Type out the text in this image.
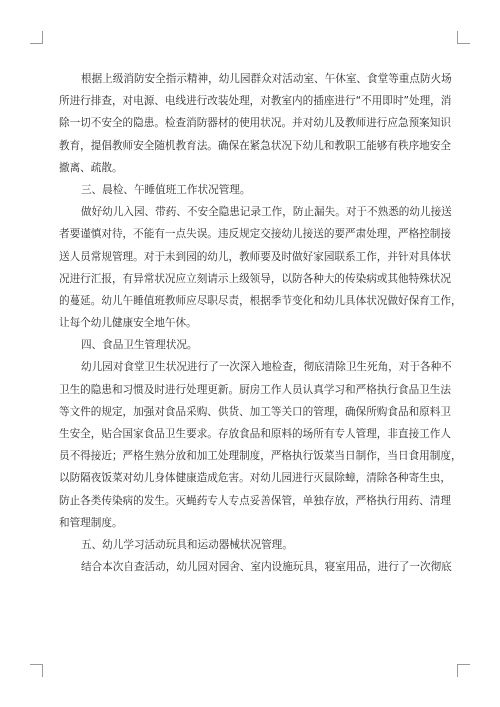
根据上级消防安全指示精神，幼儿园群众对活动室、午休室、食堂等重点防火场
所进行排查，对电源、电线进行改装处理，对教室内的插座进行“不用即时”处理，消
除一切不安全的隐患。检查消防器材的使用状况。并对幼儿及教师进行应急预案知识
教育，提倡教师安全随机教育法。确保在紧急状况下幼儿和教职工能够有秩序地安全
撤离、疏散。
三、晨检、午睡值班工作状况管理。
做好幼儿入园、带药、不安全隐患记录工作，防止漏失。对于不熟悉的幼儿接送
者要谨慎对待，不能有一点失误。违反规定交接幼儿接送的要严肃处理，严格控制接
送人员常规管理。对于未到园的幼儿，教师要及时做好家园联系工作，并针对具体状
况进行汇报，有异常状况应立刻请示上级领导，以防各种大的传染病或其他特殊状况
的蔓延。幼儿午睡值班教师应尽职尽责，根据季节变化和幼儿具体状况做好保育工作，
让每个幼儿健康安全地午休。
四、食品卫生管理状况。
幼儿园对食堂卫生状况进行了一次深入地检查，彻底清除卫生死角，对于各种不
卫生的隐患和习惯及时进行处理更新。厨房工作人员认真学习和严格执行食品卫生法
等文件的规定，加强对食品采购、供货、加工等关口的管理，确保所购食品和原料卫
生安全，贴合国家食品卫生要求。存放食品和原料的场所有专人管理，非直接工作人
员不得接近；严格生熟分放和加工处理制度，严格执行饭菜当日制作，当日食用制度，
以防隔夜饭菜对幼儿身体健康造成危害。对幼儿园进行灭鼠除蟑，清除各种寄生虫，
防止各类传染病的发生。灭蝇药专人专点妥善保管，单独存放，严格执行用药、清理
和管理制度。
五、幼儿学习活动玩具和运动器械状况管理。
结合本次自查活动，幼儿园对园舍、室内设施玩具，寝室用品，进行了一次彻底
